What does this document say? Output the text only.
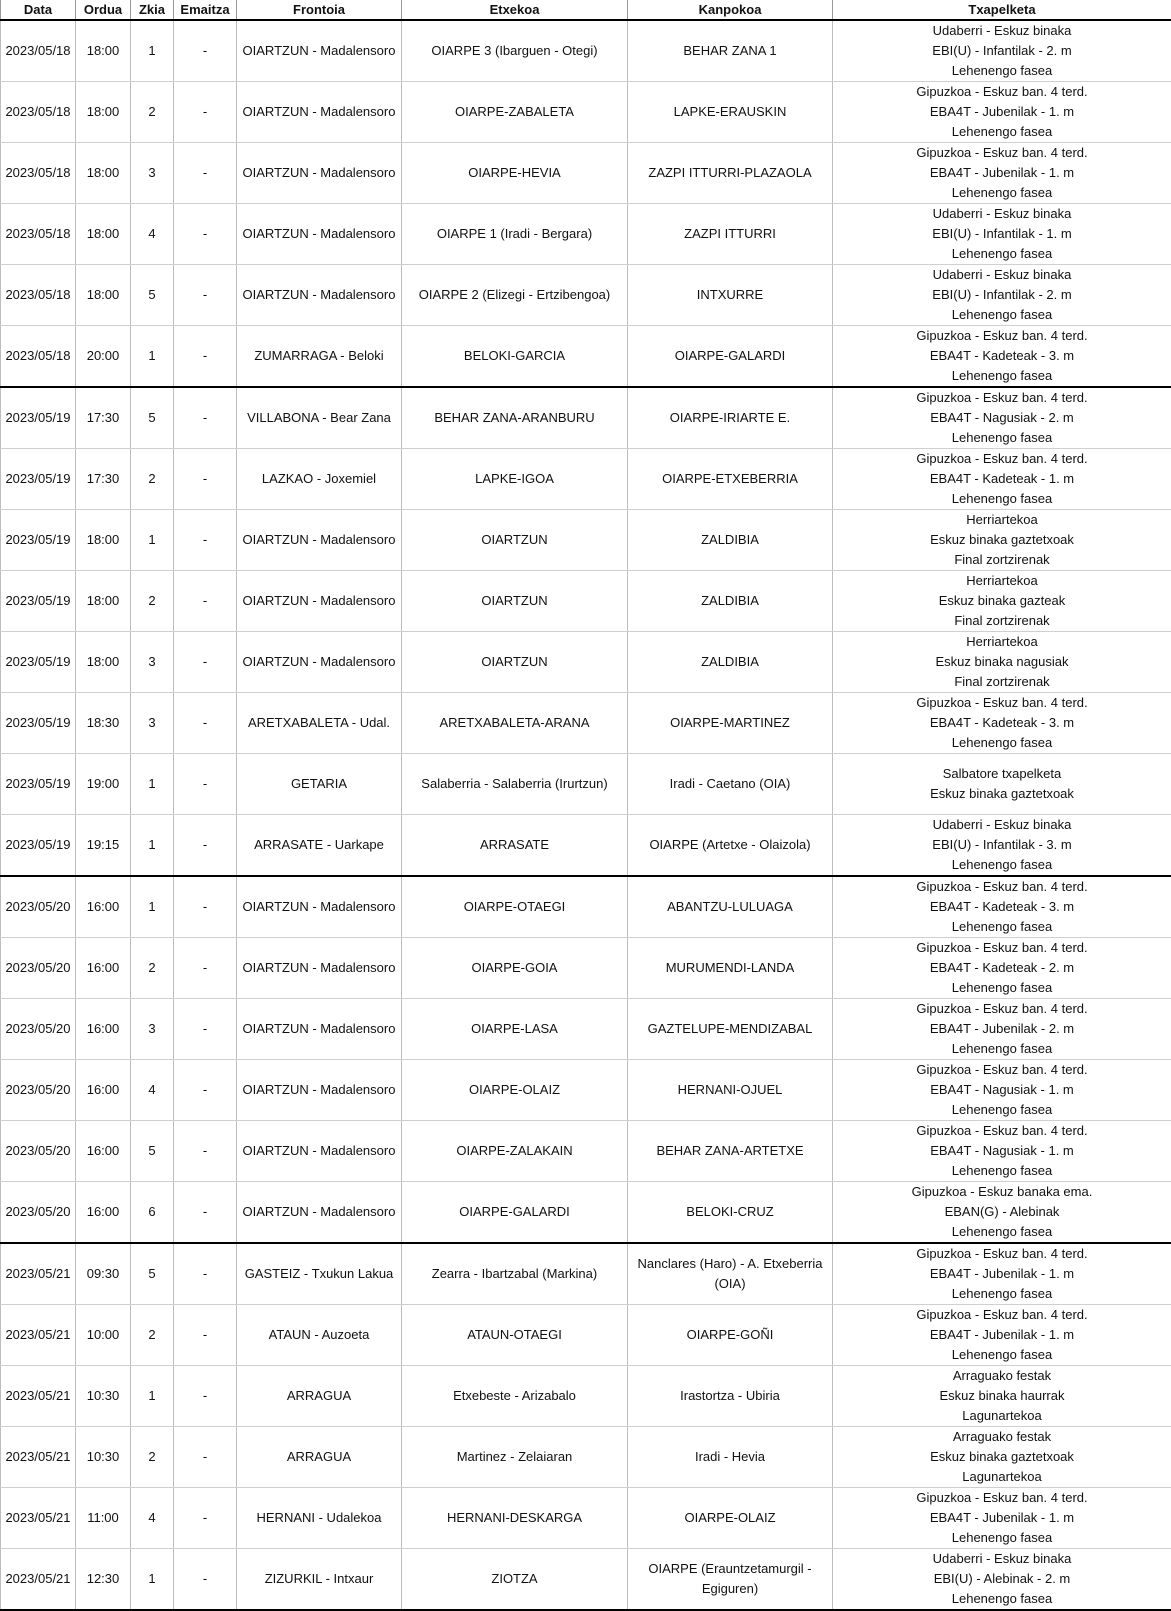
Data	Ordua	Zkia	Emaitza	Frontoia	Etxekoa	Kanpokoa	Txapelketa
2023/05/18	18:00	1	-	OIARTZUN - Madalensoro	OIARPE 3 (Ibarguen - Otegi)	BEHAR ZANA 1	Udaberri - Eskuz binaka
EBI(U) - Infantilak - 2. m
Lehenengo fasea

2023/05/18	18:00	2	-	OIARTZUN - Madalensoro	OIARPE-ZABALETA	LAPKE-ERAUSKIN	Gipuzkoa - Eskuz ban. 4 terd.
EBA4T - Jubenilak - 1. m
Lehenengo fasea

2023/05/18	18:00	3	-	OIARTZUN - Madalensoro	OIARPE-HEVIA	ZAZPI ITTURRI-PLAZAOLA	Gipuzkoa - Eskuz ban. 4 terd.
EBA4T - Jubenilak - 1. m
Lehenengo fasea

2023/05/18	18:00	4	-	OIARTZUN - Madalensoro	OIARPE 1 (Iradi - Bergara)	ZAZPI ITTURRI	Udaberri - Eskuz binaka
EBI(U) - Infantilak - 1. m
Lehenengo fasea

2023/05/18	18:00	5	-	OIARTZUN - Madalensoro	OIARPE 2 (Elizegi - Ertzibengoa)	INTXURRE	Udaberri - Eskuz binaka
EBI(U) - Infantilak - 2. m
Lehenengo fasea

2023/05/18	20:00	1	-	ZUMARRAGA - Beloki	BELOKI-GARCIA	OIARPE-GALARDI	Gipuzkoa - Eskuz ban. 4 terd.
EBA4T - Kadeteak - 3. m
Lehenengo fasea

2023/05/19	17:30	5	-	VILLABONA - Bear Zana	BEHAR ZANA-ARANBURU	OIARPE-IRIARTE E.	Gipuzkoa - Eskuz ban. 4 terd.
EBA4T - Nagusiak - 2. m
Lehenengo fasea

2023/05/19	17:30	2	-	LAZKAO - Joxemiel	LAPKE-IGOA	OIARPE-ETXEBERRIA	Gipuzkoa - Eskuz ban. 4 terd.
EBA4T - Kadeteak - 1. m
Lehenengo fasea

2023/05/19	18:00	1	-	OIARTZUN - Madalensoro	OIARTZUN	ZALDIBIA	Herriartekoa
Eskuz binaka gaztetxoak
Final zortzirenak

2023/05/19	18:00	2	-	OIARTZUN - Madalensoro	OIARTZUN	ZALDIBIA	Herriartekoa
Eskuz binaka gazteak
Final zortzirenak

2023/05/19	18:00	3	-	OIARTZUN - Madalensoro	OIARTZUN	ZALDIBIA	Herriartekoa
Eskuz binaka nagusiak
Final zortzirenak

2023/05/19	18:30	3	-	ARETXABALETA - Udal.	ARETXABALETA-ARANA	OIARPE-MARTINEZ	Gipuzkoa - Eskuz ban. 4 terd.
EBA4T - Kadeteak - 3. m
Lehenengo fasea

2023/05/19	19:00	1	-	GETARIA	Salaberria - Salaberria (Irurtzun)	Iradi - Caetano (OIA)	Salbatore txapelketa
Eskuz binaka gaztetxoak

2023/05/19	19:15	1	-	ARRASATE - Uarkape	ARRASATE	OIARPE (Artetxe - Olaizola)	Udaberri - Eskuz binaka
EBI(U) - Infantilak - 3. m
Lehenengo fasea

2023/05/20	16:00	1	-	OIARTZUN - Madalensoro	OIARPE-OTAEGI	ABANTZU-LULUAGA	Gipuzkoa - Eskuz ban. 4 terd.
EBA4T - Kadeteak - 3. m
Lehenengo fasea

2023/05/20	16:00	2	-	OIARTZUN - Madalensoro	OIARPE-GOIA	MURUMENDI-LANDA	Gipuzkoa - Eskuz ban. 4 terd.
EBA4T - Kadeteak - 2. m
Lehenengo fasea

2023/05/20	16:00	3	-	OIARTZUN - Madalensoro	OIARPE-LASA	GAZTELUPE-MENDIZABAL	Gipuzkoa - Eskuz ban. 4 terd.
EBA4T - Jubenilak - 2. m
Lehenengo fasea

2023/05/20	16:00	4	-	OIARTZUN - Madalensoro	OIARPE-OLAIZ	HERNANI-OJUEL	Gipuzkoa - Eskuz ban. 4 terd.
EBA4T - Nagusiak - 1. m
Lehenengo fasea

2023/05/20	16:00	5	-	OIARTZUN - Madalensoro	OIARPE-ZALAKAIN	BEHAR ZANA-ARTETXE	Gipuzkoa - Eskuz ban. 4 terd.
EBA4T - Nagusiak - 1. m
Lehenengo fasea

2023/05/20	16:00	6	-	OIARTZUN - Madalensoro	OIARPE-GALARDI	BELOKI-CRUZ	Gipuzkoa - Eskuz banaka ema.
EBAN(G) - Alebinak
Lehenengo fasea

2023/05/21	09:30	5	-	GASTEIZ - Txukun Lakua	Zearra - Ibartzabal (Markina)	Nanclares (Haro) - A. Etxeberria (OIA)	Gipuzkoa - Eskuz ban. 4 terd.
EBA4T - Jubenilak - 1. m
Lehenengo fasea

2023/05/21	10:00	2	-	ATAUN - Auzoeta	ATAUN-OTAEGI	OIARPE-GOÑI	Gipuzkoa - Eskuz ban. 4 terd.
EBA4T - Jubenilak - 1. m
Lehenengo fasea

2023/05/21	10:30	1	-	ARRAGUA	Etxebeste - Arizabalo	Irastortza - Ubiria	Arraguako festak
Eskuz binaka haurrak
Lagunartekoa

2023/05/21	10:30	2	-	ARRAGUA	Martinez - Zelaiaran	Iradi - Hevia	Arraguako festak
Eskuz binaka gaztetxoak
Lagunartekoa

2023/05/21	11:00	4	-	HERNANI - Udalekoa	HERNANI-DESKARGA	OIARPE-OLAIZ	Gipuzkoa - Eskuz ban. 4 terd.
EBA4T - Jubenilak - 1. m
Lehenengo fasea

2023/05/21	12:30	1	-	ZIZURKIL - Intxaur	ZIOTZA	OIARPE (Erauntzetamurgil - Egiguren)	Udaberri - Eskuz binaka
EBI(U) - Alebinak - 2. m
Lehenengo fasea
